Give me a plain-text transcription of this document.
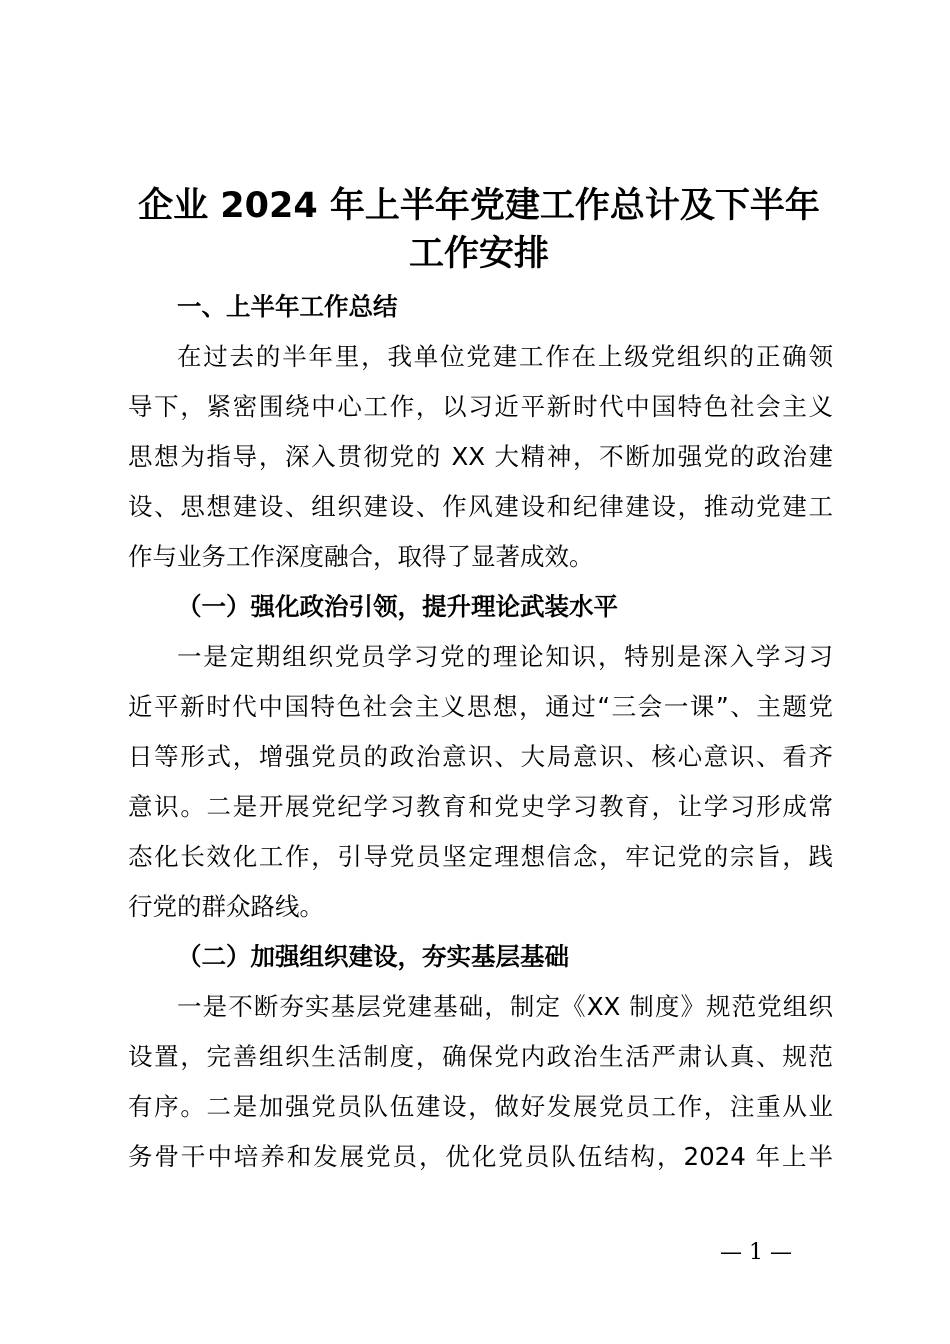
企业 2024 年上半年党建工作总计及下半年
工作安排

一、上半年工作总结

在过去的半年里，我单位党建工作在上级党组织的正确领
导下，紧密围绕中心工作，以习近平新时代中国特色社会主义
思想为指导，深入贯彻党的 XX 大精神，不断加强党的政治建
设、思想建设、组织建设、作风建设和纪律建设，推动党建工
作与业务工作深度融合，取得了显著成效。

（一）强化政治引领，提升理论武装水平

一是定期组织党员学习党的理论知识，特别是深入学习习
近平新时代中国特色社会主义思想，通过“三会一课”、主题党
日等形式，增强党员的政治意识、大局意识、核心意识、看齐
意识。二是开展党纪学习教育和党史学习教育，让学习形成常
态化长效化工作，引导党员坚定理想信念，牢记党的宗旨，践
行党的群众路线。

（二）加强组织建设，夯实基层基础

一是不断夯实基层党建基础，制定《XX 制度》规范党组织
设置，完善组织生活制度，确保党内政治生活严肃认真、规范
有序。二是加强党员队伍建设，做好发展党员工作，注重从业
务骨干中培养和发展党员，优化党员队伍结构，2024 年上半
— 1 —
